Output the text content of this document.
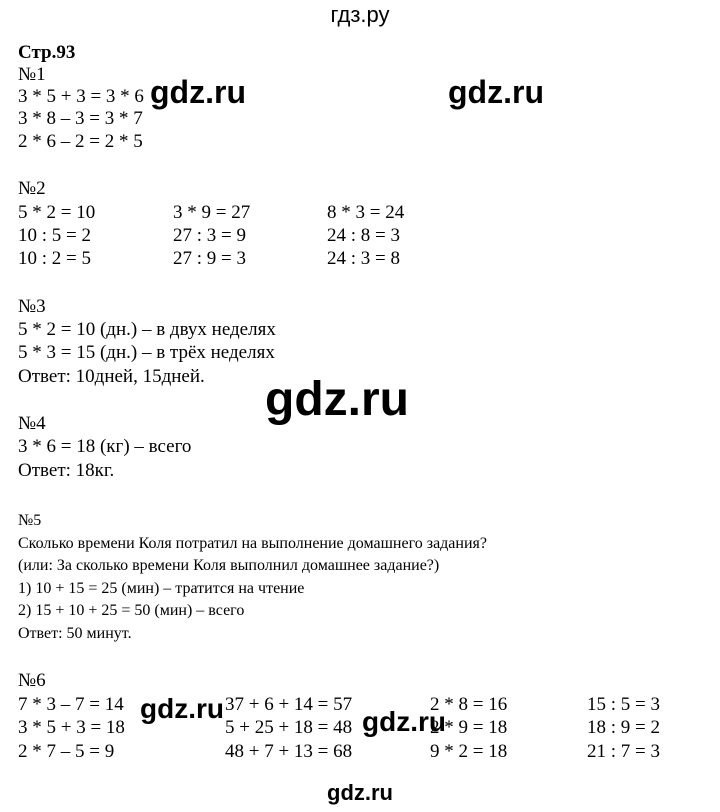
гдз.ру
Стр.93
№1
3 * 5 + 3 = 3 * 6
3 * 8 – 3 = 3 * 7
2 * 6 – 2 = 2 * 5
№2
5 * 2 = 10
10 : 5 = 2
10 : 2 = 5
3 * 9 = 27
27 : 3 = 9
27 : 9 = 3
8 * 3 = 24
24 : 8 = 3
24 : 3 = 8
№3
5 * 2 = 10 (дн.) – в двух неделях
5 * 3 = 15 (дн.) – в трёх неделях
Ответ: 10дней, 15дней.
№4
3 * 6 = 18 (кг) – всего
Ответ: 18кг.
№5
Сколько времени Коля потратил на выполнение домашнего задания?
(или: За сколько времени Коля выполнил домашнее задание?)
1) 10 + 15 = 25 (мин) – тратится на чтение
2) 15 + 10 + 25 = 50 (мин) – всего
Ответ: 50 минут.
№6
7 * 3 – 7 = 14
3 * 5 + 3 = 18
2 * 7 – 5 = 9
37 + 6 + 14 = 57
5 + 25 + 18 = 48
48 + 7 + 13 = 68
2 * 8 = 16
2 * 9 = 18
9 * 2 = 18
15 : 5 = 3
18 : 9 = 2
21 : 7 = 3
gdz.ru	gdz.ru
gdz.ru
gdz.ru	gdz.ru
gdz.ru
